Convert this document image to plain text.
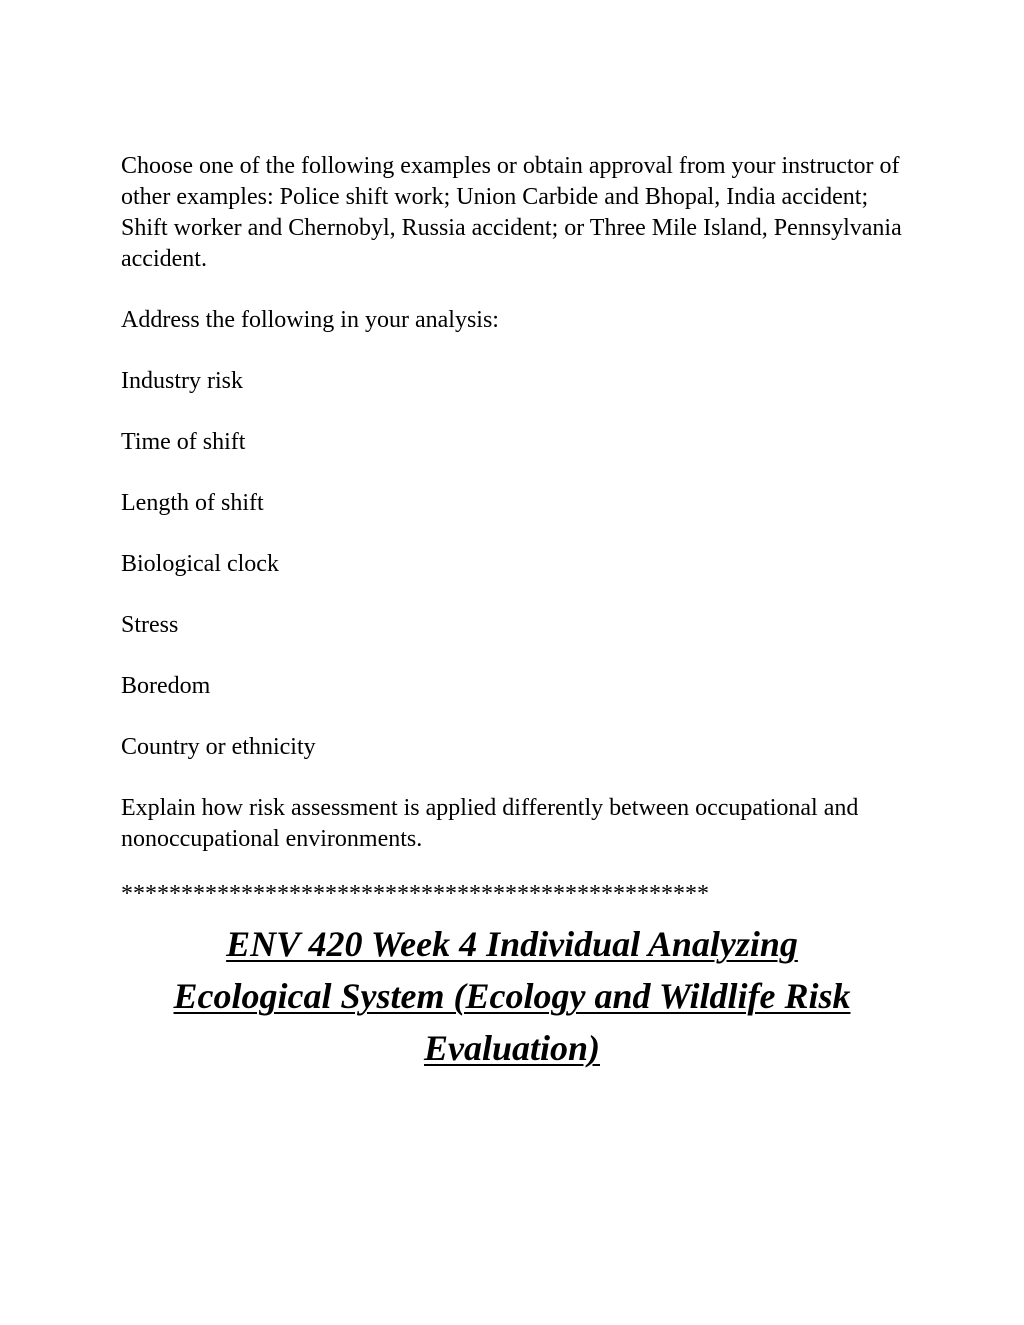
Choose one of the following examples or obtain approval from your instructor of other examples: Police shift work; Union Carbide and Bhopal, India accident; Shift worker and Chernobyl, Russia accident; or Three Mile Island, Pennsylvania accident.

Address the following in your analysis:

Industry risk
Time of shift
Length of shift
Biological clock
Stress
Boredom
Country or ethnicity

Explain how risk assessment is applied differently between occupational and nonoccupational environments.

*************************************************
ENV 420 Week 4 Individual Analyzing
Ecological System (Ecology and Wildlife Risk
Evaluation)
